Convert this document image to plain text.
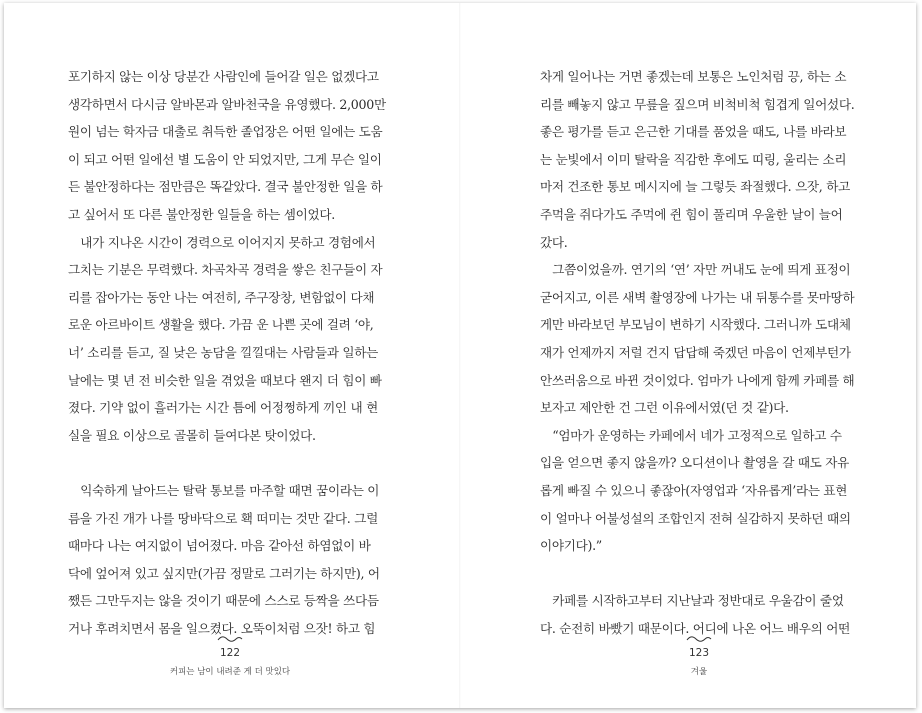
포기하지 않는 이상 당분간 사람인에 들어갈 일은 없겠다고
생각하면서 다시금 알바몬과 알바천국을 유영했다. 2,000만
원이 넘는 학자금 대출로 취득한 졸업장은 어떤 일에는 도움
이 되고 어떤 일에선 별 도움이 안 되었지만, 그게 무슨 일이
든 불안정하다는 점만큼은 똑같았다. 결국 불안정한 일을 하
고 싶어서 또 다른 불안정한 일들을 하는 셈이었다.
　내가 지나온 시간이 경력으로 이어지지 못하고 경험에서
그치는 기분은 무력했다. 차곡차곡 경력을 쌓은 친구들이 자
리를 잡아가는 동안 나는 여전히, 주구장창, 변함없이 다채
로운 아르바이트 생활을 했다. 가끔 운 나쁜 곳에 걸려 ‘야,
너’ 소리를 듣고, 질 낮은 농담을 낄낄대는 사람들과 일하는
날에는 몇 년 전 비슷한 일을 겪었을 때보다 왠지 더 힘이 빠
졌다. 기약 없이 흘러가는 시간 틈에 어정쩡하게 끼인 내 현
실을 필요 이상으로 골몰히 들여다본 탓이었다.
　익숙하게 날아드는 탈락 통보를 마주할 때면 꿈이라는 이
름을 가진 개가 나를 땅바닥으로 홱 떠미는 것만 같다. 그럴
때마다 나는 여지없이 넘어졌다. 마음 같아선 하염없이 바
닥에 엎어져 있고 싶지만(가끔 정말로 그러기는 하지만), 어
쨌든 그만두지는 않을 것이기 때문에 스스로 등짝을 쓰다듬
거나 후려치면서 몸을 일으켰다. 오뚝이처럼 으잣! 하고 힘
122
커피는 남이 내려준 게 더 맛있다
차게 일어나는 거면 좋겠는데 보통은 노인처럼 끙, 하는 소
리를 빼놓지 않고 무릎을 짚으며 비척비척 힘겹게 일어섰다.
좋은 평가를 듣고 은근한 기대를 품었을 때도, 나를 바라보
는 눈빛에서 이미 탈락을 직감한 후에도 띠링, 울리는 소리
마저 건조한 통보 메시지에 늘 그렇듯 좌절했다. 으잣, 하고
주먹을 쥐다가도 주먹에 쥔 힘이 풀리며 우울한 날이 늘어
갔다.
　그쯤이었을까. 연기의 ‘연’ 자만 꺼내도 눈에 띄게 표정이
굳어지고, 이른 새벽 촬영장에 나가는 내 뒤통수를 못마땅하
게만 바라보던 부모님이 변하기 시작했다. 그러니까 도대체
재가 언제까지 저럴 건지 답답해 죽겠던 마음이 언제부턴가
안쓰러움으로 바뀐 것이었다. 엄마가 나에게 함께 카페를 해
보자고 제안한 건 그런 이유에서였(던 것 같)다.
　“엄마가 운영하는 카페에서 네가 고정적으로 일하고 수
입을 얻으면 좋지 않을까? 오디션이나 촬영을 갈 때도 자유
롭게 빠질 수 있으니 좋잖아(자영업과 ‘자유롭게’라는 표현
이 얼마나 어불성설의 조합인지 전혀 실감하지 못하던 때의
이야기다).”
　카페를 시작하고부터 지난날과 정반대로 우울감이 줄었
다. 순전히 바빴기 때문이다. 어디에 나온 어느 배우의 어떤
123
겨울
